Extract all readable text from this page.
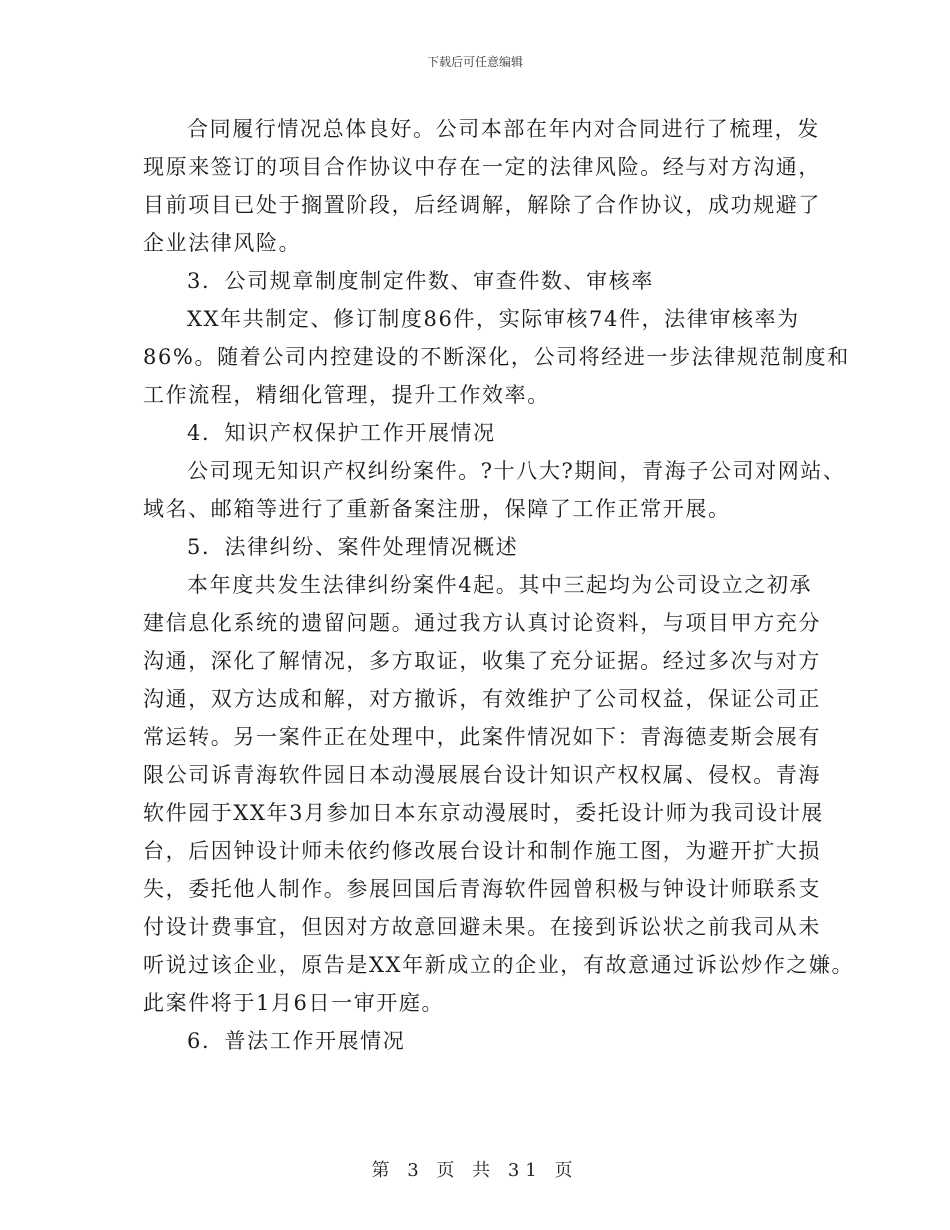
下载后可任意编辑
合同履行情况总体良好。公司本部在年内对合同进行了梳理，发
现原来签订的项目合作协议中存在一定的法律风险。经与对方沟通，
目前项目已处于搁置阶段，后经调解，解除了合作协议，成功规避了
企业法律风险。
3．公司规章制度制定件数、审查件数、审核率
XX年共制定、修订制度86件，实际审核74件，法律审核率为
86%。随着公司内控建设的不断深化，公司将经进一步法律规范制度和
工作流程，精细化管理，提升工作效率。
4．知识产权保护工作开展情况
公司现无知识产权纠纷案件。?十八大?期间，青海子公司对网站、
域名、邮箱等进行了重新备案注册，保障了工作正常开展。
5．法律纠纷、案件处理情况概述
本年度共发生法律纠纷案件4起。其中三起均为公司设立之初承
建信息化系统的遗留问题。通过我方认真讨论资料，与项目甲方充分
沟通，深化了解情况，多方取证，收集了充分证据。经过多次与对方
沟通，双方达成和解，对方撤诉，有效维护了公司权益，保证公司正
常运转。另一案件正在处理中，此案件情况如下：青海德麦斯会展有
限公司诉青海软件园日本动漫展展台设计知识产权权属、侵权。青海
软件园于XX年3月参加日本东京动漫展时，委托设计师为我司设计展
台，后因钟设计师未依约修改展台设计和制作施工图，为避开扩大损
失，委托他人制作。参展回国后青海软件园曾积极与钟设计师联系支
付设计费事宜，但因对方故意回避未果。在接到诉讼状之前我司从未
听说过该企业，原告是XX年新成立的企业，有故意通过诉讼炒作之嫌。
此案件将于1月6日一审开庭。
6．普法工作开展情况
第 3 页 共 31 页
